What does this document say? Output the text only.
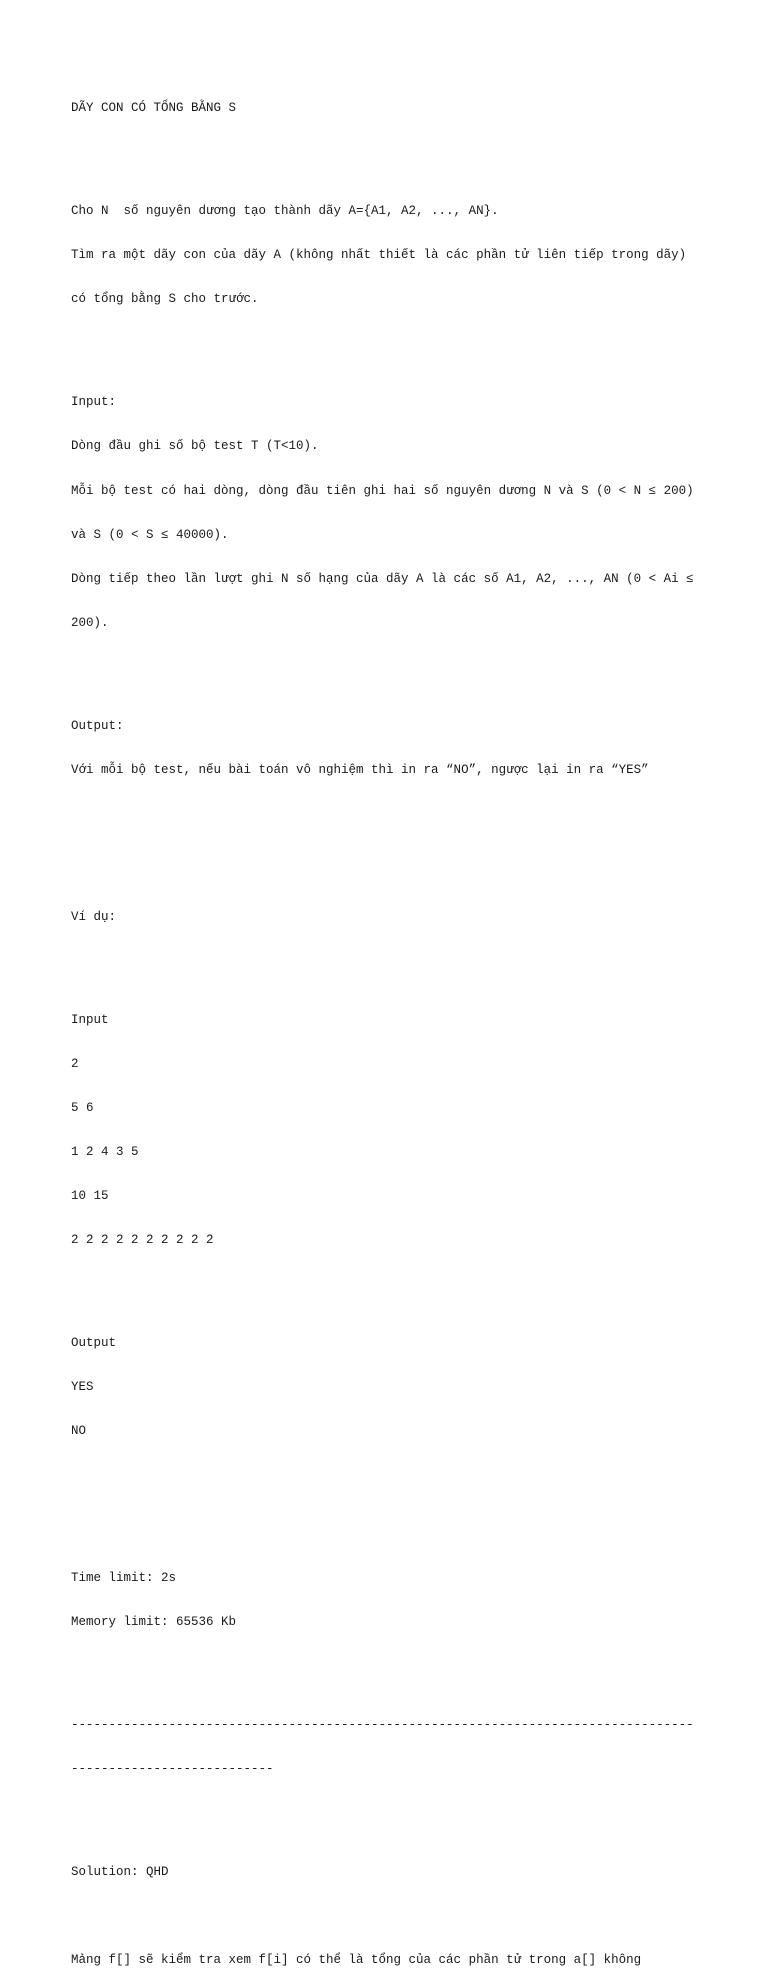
DÃY CON CÓ TỔNG BẰNG S

Cho N  số nguyên dương tạo thành dãy A={A1, A2, ..., AN}.

Tìm ra một dãy con của dãy A (không nhất thiết là các phần tử liên tiếp trong dãy)

có tổng bằng S cho trước.

Input:

Dòng đầu ghi số bộ test T (T<10).

Mỗi bộ test có hai dòng, dòng đầu tiên ghi hai số nguyên dương N và S (0 < N ≤ 200)

và S (0 < S ≤ 40000).

Dòng tiếp theo lần lượt ghi N số hạng của dãy A là các số A1, A2, ..., AN (0 < Ai ≤

200).

Output:

Với mỗi bộ test, nếu bài toán vô nghiệm thì in ra “NO”, ngược lại in ra “YES”

Ví dụ:

Input

2

5 6

1 2 4 3 5

10 15

2 2 2 2 2 2 2 2 2 2

Output

YES

NO

Time limit: 2s

Memory limit: 65536 Kb

-----------------------------------------------------------------------------------

---------------------------

Solution: QHD

Mảng f[] sẽ kiểm tra xem f[i] có thể là tổng của các phần tử trong a[] không
